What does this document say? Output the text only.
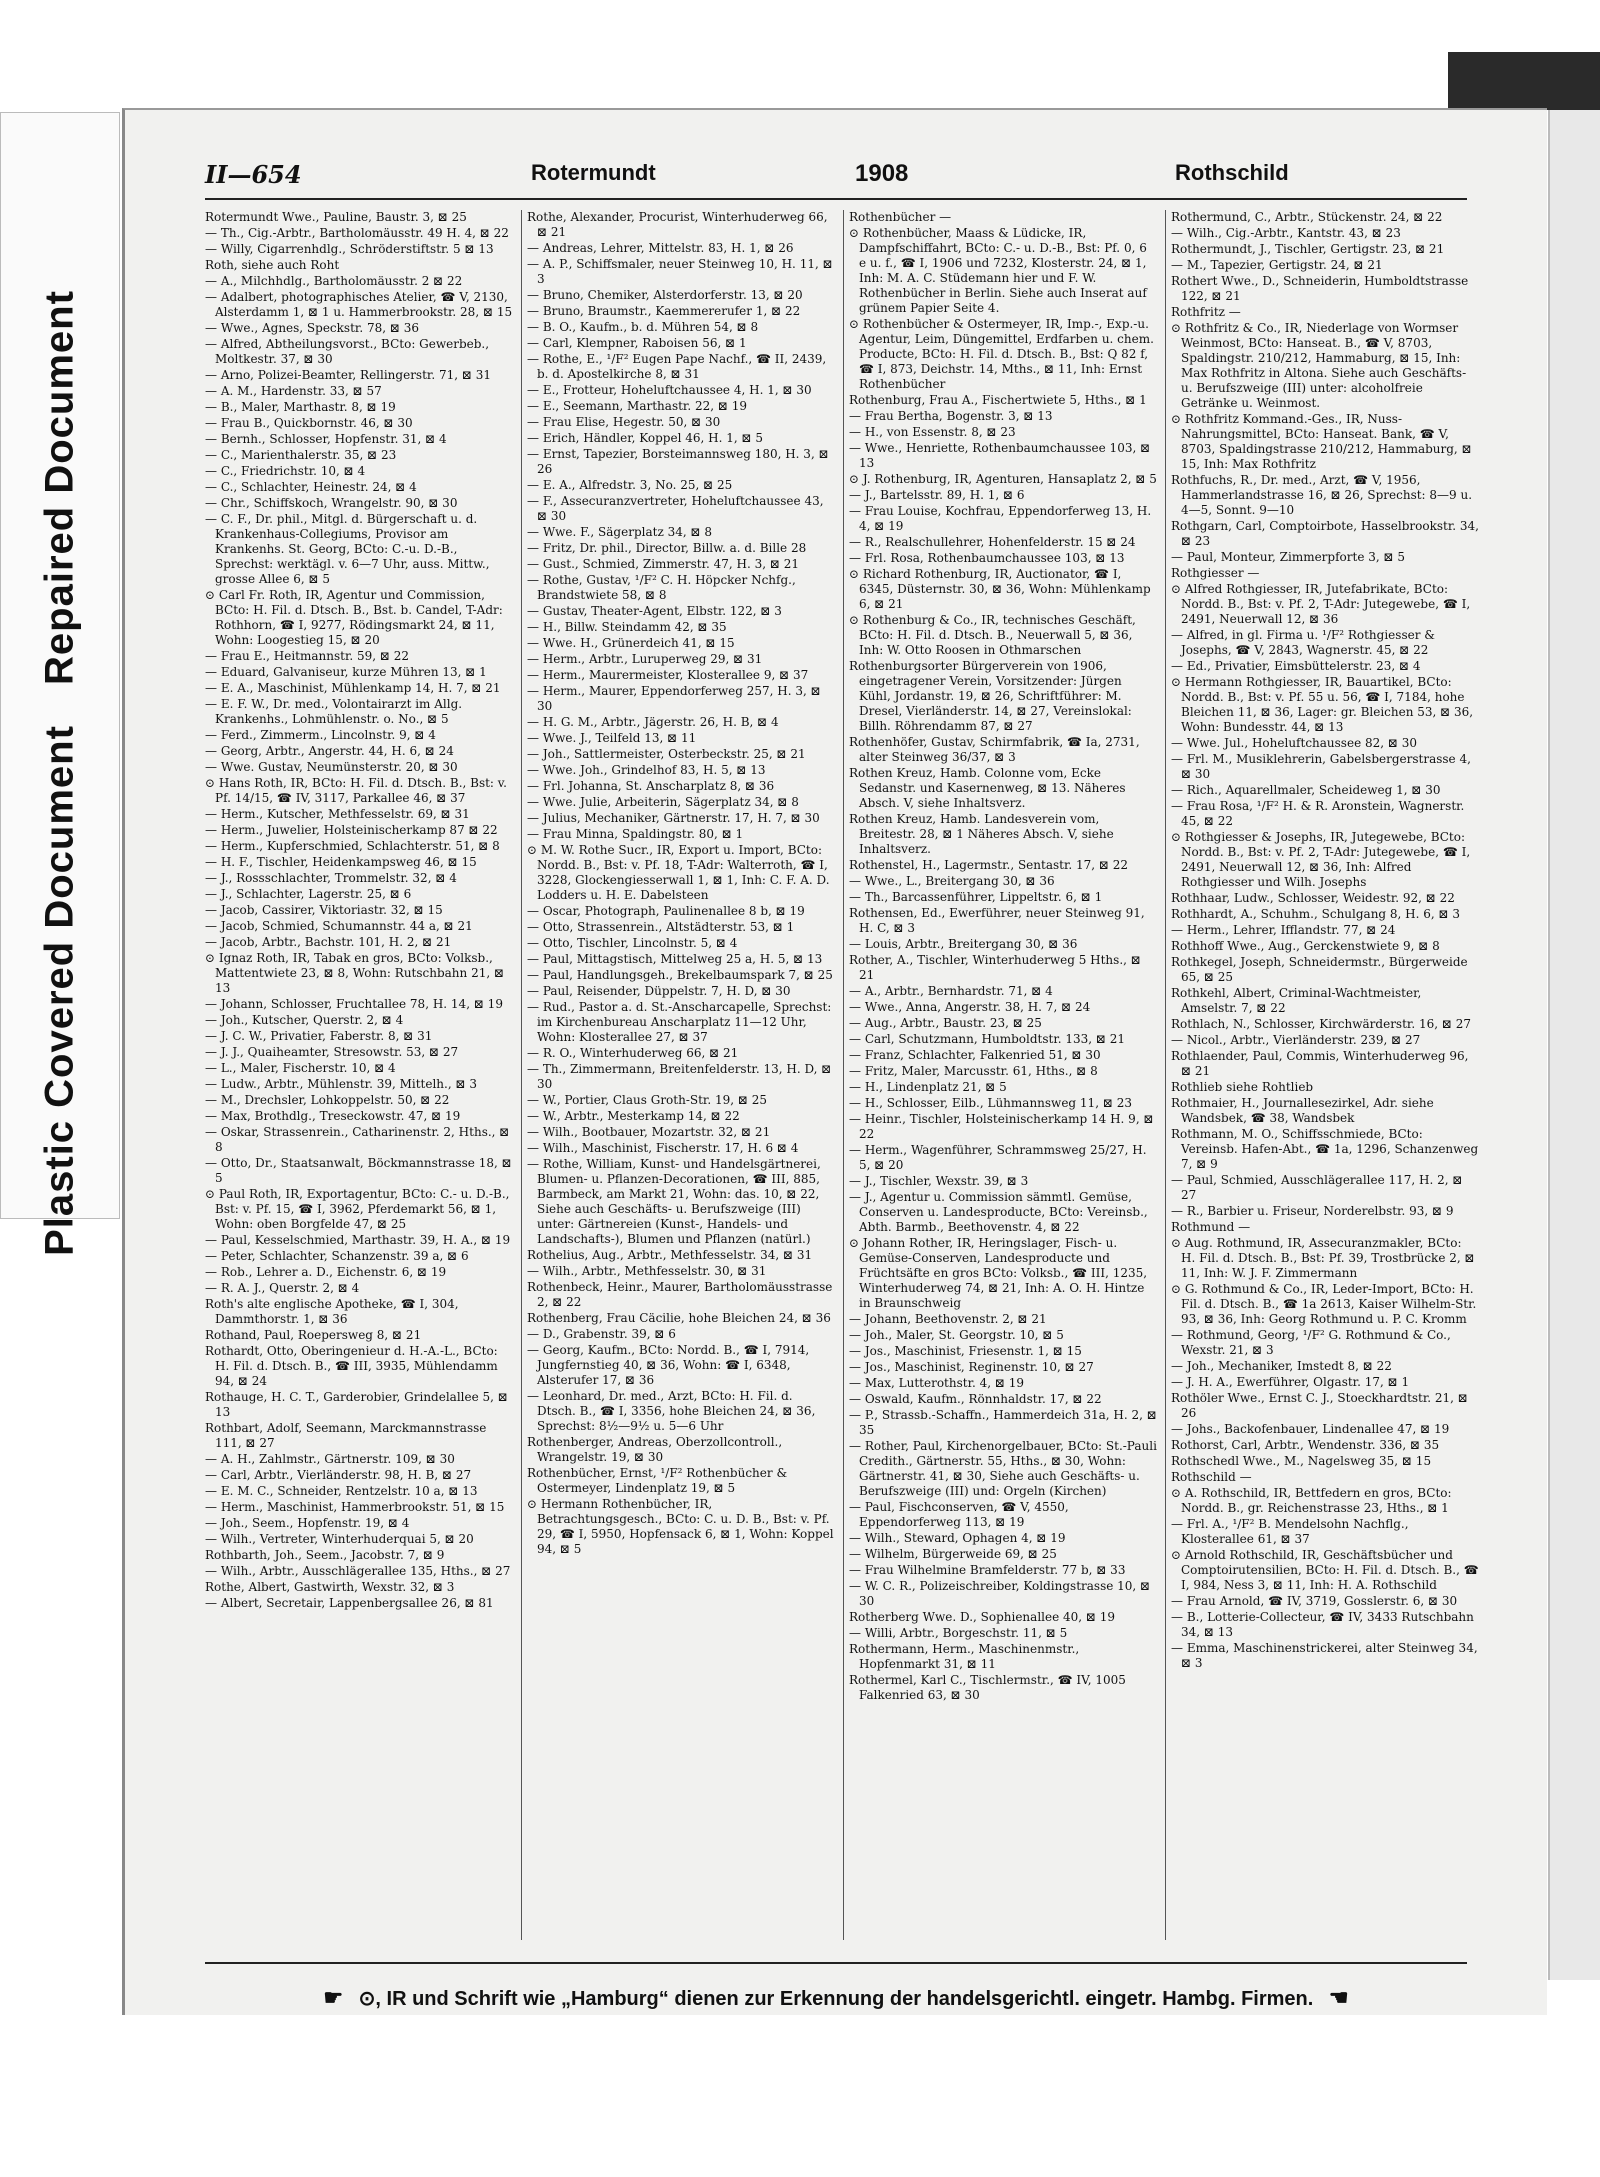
Plastic Covered Document Repaired Document
II—654	Rotermundt	1908	Rothschild
Rotermundt Wwe., Pauline, Baustr. 3, ⊠ 25
— Th., Cig.-Arbtr., Bartholomäusstr. 49 H. 4, ⊠ 22
— Willy, Cigarrenhdlg., Schröderstiftstr. 5 ⊠ 13
Roth, siehe auch Roht
— A., Milchhdlg., Bartholomäusstr. 2 ⊠ 22
— Adalbert, photographisches Atelier, ☎ V, 2130, Alsterdamm 1, ⊠ 1 u. Hammerbrookstr. 28, ⊠ 15
— Wwe., Agnes, Speckstr. 78, ⊠ 36
— Alfred, Abtheilungsvorst., BCto: Gewerbeb., Moltkestr. 37, ⊠ 30
— Arno, Polizei-Beamter, Rellingerstr. 71, ⊠ 31
— A. M., Hardenstr. 33, ⊠ 57
— B., Maler, Marthastr. 8, ⊠ 19
— Frau B., Quickbornstr. 46, ⊠ 30
— Bernh., Schlosser, Hopfenstr. 31, ⊠ 4
— C., Marienthalerstr. 35, ⊠ 23
— C., Friedrichstr. 10, ⊠ 4
— C., Schlachter, Heinestr. 24, ⊠ 4
— Chr., Schiffskoch, Wrangelstr. 90, ⊠ 30
— C. F., Dr. phil., Mitgl. d. Bürgerschaft u. d. Krankenhaus-Collegiums, Provisor am Krankenhs. St. Georg, BCto: C.-u. D.-B., Sprechst: werktägl. v. 6—7 Uhr, auss. Mittw., grosse Allee 6, ⊠ 5
⊙ Carl Fr. Roth, IR, Agentur und Commission, BCto: H. Fil. d. Dtsch. B., Bst. b. Candel, T-Adr: Rothhorn, ☎ I, 9277, Rödingsmarkt 24, ⊠ 11, Wohn: Loogestieg 15, ⊠ 20
— Frau E., Heitmannstr. 59, ⊠ 22
— Eduard, Galvaniseur, kurze Mühren 13, ⊠ 1
— E. A., Maschinist, Mühlenkamp 14, H. 7, ⊠ 21
— E. F. W., Dr. med., Volontairarzt im Allg. Krankenhs., Lohmühlenstr. o. No., ⊠ 5
— Ferd., Zimmerm., Lincolnstr. 9, ⊠ 4
— Georg, Arbtr., Angerstr. 44, H. 6, ⊠ 24
— Wwe. Gustav, Neumünsterstr. 20, ⊠ 30
⊙ Hans Roth, IR, BCto: H. Fil. d. Dtsch. B., Bst: v. Pf. 14/15, ☎ IV, 3117, Parkallee 46, ⊠ 37
— Herm., Kutscher, Methfesselstr. 69, ⊠ 31
— Herm., Juwelier, Holsteinischerkamp 87 ⊠ 22
— Herm., Kupferschmied, Schlachterstr. 51, ⊠ 8
— H. F., Tischler, Heidenkampsweg 46, ⊠ 15
— J., Rossschlachter, Trommelstr. 32, ⊠ 4
— J., Schlachter, Lagerstr. 25, ⊠ 6
— Jacob, Cassirer, Viktoriastr. 32, ⊠ 15
— Jacob, Schmied, Schumannstr. 44 a, ⊠ 21
— Jacob, Arbtr., Bachstr. 101, H. 2, ⊠ 21
⊙ Ignaz Roth, IR, Tabak en gros, BCto: Volksb., Mattentwiete 23, ⊠ 8, Wohn: Rutschbahn 21, ⊠ 13
— Johann, Schlosser, Fruchtallee 78, H. 14, ⊠ 19
— Joh., Kutscher, Querstr. 2, ⊠ 4
— J. C. W., Privatier, Faberstr. 8, ⊠ 31
— J. J., Quaiheamter, Stresowstr. 53, ⊠ 27
— L., Maler, Fischerstr. 10, ⊠ 4
— Ludw., Arbtr., Mühlenstr. 39, Mittelh., ⊠ 3
— M., Drechsler, Lohkoppelstr. 50, ⊠ 22
— Max, Brothdlg., Treseckowstr. 47, ⊠ 19
— Oskar, Strassenrein., Catharinenstr. 2, Hths., ⊠ 8
— Otto, Dr., Staatsanwalt, Böckmannstrasse 18, ⊠ 5
⊙ Paul Roth, IR, Exportagentur, BCto: C.- u. D.-B., Bst: v. Pf. 15, ☎ I, 3962, Pferdemarkt 56, ⊠ 1, Wohn: oben Borgfelde 47, ⊠ 25
— Paul, Kesselschmied, Marthastr. 39, H. A., ⊠ 19
— Peter, Schlachter, Schanzenstr. 39 a, ⊠ 6
— Rob., Lehrer a. D., Eichenstr. 6, ⊠ 19
— R. A. J., Querstr. 2, ⊠ 4
Roth's alte englische Apotheke, ☎ I, 304, Dammthorstr. 1, ⊠ 36
Rothand, Paul, Roepersweg 8, ⊠ 21
Rothardt, Otto, Oberingenieur d. H.-A.-L., BCto: H. Fil. d. Dtsch. B., ☎ III, 3935, Mühlendamm 94, ⊠ 24
Rothauge, H. C. T., Garderobier, Grindelallee 5, ⊠ 13
Rothbart, Adolf, Seemann, Marckmannstrasse 111, ⊠ 27
— A. H., Zahlmstr., Gärtnerstr. 109, ⊠ 30
— Carl, Arbtr., Vierländerstr. 98, H. B, ⊠ 27
— E. M. C., Schneider, Rentzelstr. 10 a, ⊠ 13
— Herm., Maschinist, Hammerbrookstr. 51, ⊠ 15
— Joh., Seem., Hopfenstr. 19, ⊠ 4
— Wilh., Vertreter, Winterhuderquai 5, ⊠ 20
Rothbarth, Joh., Seem., Jacobstr. 7, ⊠ 9
— Wilh., Arbtr., Ausschlägerallee 135, Hths., ⊠ 27
Rothe, Albert, Gastwirth, Wexstr. 32, ⊠ 3
— Albert, Secretair, Lappenbergsallee 26, ⊠ 81
Rothe, Alexander, Procurist, Winterhuderweg 66, ⊠ 21
— Andreas, Lehrer, Mittelstr. 83, H. 1, ⊠ 26
— A. P., Schiffsmaler, neuer Steinweg 10, H. 11, ⊠ 3
— Bruno, Chemiker, Alsterdorferstr. 13, ⊠ 20
— Bruno, Braumstr., Kaemmererufer 1, ⊠ 22
— B. O., Kaufm., b. d. Mühren 54, ⊠ 8
— Carl, Klempner, Raboisen 56, ⊠ 1
— Rothe, E., ¹/F² Eugen Pape Nachf., ☎ II, 2439, b. d. Apostelkirche 8, ⊠ 31
— E., Frotteur, Hoheluftchaussee 4, H. 1, ⊠ 30
— E., Seemann, Marthastr. 22, ⊠ 19
— Frau Elise, Hegestr. 50, ⊠ 30
— Erich, Händler, Koppel 46, H. 1, ⊠ 5
— Ernst, Tapezier, Borsteimannsweg 180, H. 3, ⊠ 26
— E. A., Alfredstr. 3, No. 25, ⊠ 25
— F., Assecuranzvertreter, Hoheluftchaussee 43, ⊠ 30
— Wwe. F., Sägerplatz 34, ⊠ 8
— Fritz, Dr. phil., Director, Billw. a. d. Bille 28
— Gust., Schmied, Zimmerstr. 47, H. 3, ⊠ 21
— Rothe, Gustav, ¹/F² C. H. Höpcker Nchfg., Brandstwiete 58, ⊠ 8
— Gustav, Theater-Agent, Elbstr. 122, ⊠ 3
— H., Billw. Steindamm 42, ⊠ 35
— Wwe. H., Grünerdeich 41, ⊠ 15
— Herm., Arbtr., Luruperweg 29, ⊠ 31
— Herm., Maurermeister, Klosterallee 9, ⊠ 37
— Herm., Maurer, Eppendorferweg 257, H. 3, ⊠ 30
— H. G. M., Arbtr., Jägerstr. 26, H. B, ⊠ 4
— Wwe. J., Teilfeld 13, ⊠ 11
— Joh., Sattlermeister, Osterbeckstr. 25, ⊠ 21
— Wwe. Joh., Grindelhof 83, H. 5, ⊠ 13
— Frl. Johanna, St. Anscharplatz 8, ⊠ 36
— Wwe. Julie, Arbeiterin, Sägerplatz 34, ⊠ 8
— Julius, Mechaniker, Gärtnerstr. 17, H. 7, ⊠ 30
— Frau Minna, Spaldingstr. 80, ⊠ 1
⊙ M. W. Rothe Sucr., IR, Export u. Import, BCto: Nordd. B., Bst: v. Pf. 18, T-Adr: Walterroth, ☎ I, 3228, Glockengiesserwall 1, ⊠ 1, Inh: C. F. A. D. Lodders u. H. E. Dabelsteen
— Oscar, Photograph, Paulinenallee 8 b, ⊠ 19
— Otto, Strassenrein., Altstädterstr. 53, ⊠ 1
— Otto, Tischler, Lincolnstr. 5, ⊠ 4
— Paul, Mittagstisch, Mittelweg 25 a, H. 5, ⊠ 13
— Paul, Handlungsgeh., Brekelbaumspark 7, ⊠ 25
— Paul, Reisender, Düppelstr. 7, H. D, ⊠ 30
— Rud., Pastor a. d. St.-Anscharcapelle, Sprechst: im Kirchenbureau Anscharplatz 11—12 Uhr, Wohn: Klosterallee 27, ⊠ 37
— R. O., Winterhuderweg 66, ⊠ 21
— Th., Zimmermann, Breitenfelderstr. 13, H. D, ⊠ 30
— W., Portier, Claus Groth-Str. 19, ⊠ 25
— W., Arbtr., Mesterkamp 14, ⊠ 22
— Wilh., Bootbauer, Mozartstr. 32, ⊠ 21
— Wilh., Maschinist, Fischerstr. 17, H. 6 ⊠ 4
— Rothe, William, Kunst- und Handelsgärtnerei, Blumen- u. Pflanzen-Decorationen, ☎ III, 885, Barmbeck, am Markt 21, Wohn: das. 10, ⊠ 22, Siehe auch Geschäfts- u. Berufszweige (III) unter: Gärtnereien (Kunst-, Handels- und Landschafts-), Blumen und Pflanzen (natürl.)
Rothelius, Aug., Arbtr., Methfesselstr. 34, ⊠ 31
— Wilh., Arbtr., Methfesselstr. 30, ⊠ 31
Rothenbeck, Heinr., Maurer, Bartholomäusstrasse 2, ⊠ 22
Rothenberg, Frau Cäcilie, hohe Bleichen 24, ⊠ 36
— D., Grabenstr. 39, ⊠ 6
— Georg, Kaufm., BCto: Nordd. B., ☎ I, 7914, Jungfernstieg 40, ⊠ 36, Wohn: ☎ I, 6348, Alsterufer 17, ⊠ 36
— Leonhard, Dr. med., Arzt, BCto: H. Fil. d. Dtsch. B., ☎ I, 3356, hohe Bleichen 24, ⊠ 36, Sprechst: 8½—9½ u. 5—6 Uhr
Rothenberger, Andreas, Oberzollcontroll., Wrangelstr. 19, ⊠ 30
Rothenbücher, Ernst, ¹/F² Rothenbücher & Ostermeyer, Lindenplatz 19, ⊠ 5
⊙ Hermann Rothenbücher, IR, Betrachtungsgesch., BCto: C. u. D. B., Bst: v. Pf. 29, ☎ I, 5950, Hopfensack 6, ⊠ 1, Wohn: Koppel 94, ⊠ 5
Rothenbücher —
⊙ Rothenbücher, Maass & Lüdicke, IR, Dampfschiffahrt, BCto: C.- u. D.-B., Bst: Pf. 0, 6 e u. f., ☎ I, 1906 und 7232, Klosterstr. 24, ⊠ 1, Inh: M. A. C. Stüdemann hier und F. W. Rothenbücher in Berlin. Siehe auch Inserat auf grünem Papier Seite 4.
⊙ Rothenbücher & Ostermeyer, IR, Imp.-, Exp.-u. Agentur, Leim, Düngemittel, Erdfarben u. chem. Producte, BCto: H. Fil. d. Dtsch. B., Bst: Q 82 f, ☎ I, 873, Deichstr. 14, Mths., ⊠ 11, Inh: Ernst Rothenbücher
Rothenburg, Frau A., Fischertwiete 5, Hths., ⊠ 1
— Frau Bertha, Bogenstr. 3, ⊠ 13
— H., von Essenstr. 8, ⊠ 23
— Wwe., Henriette, Rothenbaumchaussee 103, ⊠ 13
⊙ J. Rothenburg, IR, Agenturen, Hansaplatz 2, ⊠ 5
— J., Bartelsstr. 89, H. 1, ⊠ 6
— Frau Louise, Kochfrau, Eppendorferweg 13, H. 4, ⊠ 19
— R., Realschullehrer, Hohenfelderstr. 15 ⊠ 24
— Frl. Rosa, Rothenbaumchaussee 103, ⊠ 13
⊙ Richard Rothenburg, IR, Auctionator, ☎ I, 6345, Düsternstr. 30, ⊠ 36, Wohn: Mühlenkamp 6, ⊠ 21
⊙ Rothenburg & Co., IR, technisches Geschäft, BCto: H. Fil. d. Dtsch. B., Neuerwall 5, ⊠ 36, Inh: W. Otto Roosen in Othmarschen
Rothenburgsorter Bürgerverein von 1906, eingetragener Verein, Vorsitzender: Jürgen Kühl, Jordanstr. 19, ⊠ 26, Schriftführer: M. Dresel, Vierländerstr. 14, ⊠ 27, Vereinslokal: Billh. Röhrendamm 87, ⊠ 27
Rothenhöfer, Gustav, Schirmfabrik, ☎ Ia, 2731, alter Steinweg 36/37, ⊠ 3
Rothen Kreuz, Hamb. Colonne vom, Ecke Sedanstr. und Kasernenweg, ⊠ 13. Näheres Absch. V, siehe Inhaltsverz.
Rothen Kreuz, Hamb. Landesverein vom, Breitestr. 28, ⊠ 1 Näheres Absch. V, siehe Inhaltsverz.
Rothenstel, H., Lagermstr., Sentastr. 17, ⊠ 22
— Wwe., L., Breitergang 30, ⊠ 36
— Th., Barcassenführer, Lippeltstr. 6, ⊠ 1
Rothensen, Ed., Ewerführer, neuer Steinweg 91, H. C, ⊠ 3
— Louis, Arbtr., Breitergang 30, ⊠ 36
Rother, A., Tischler, Winterhuderweg 5 Hths., ⊠ 21
— A., Arbtr., Bernhardstr. 71, ⊠ 4
— Wwe., Anna, Angerstr. 38, H. 7, ⊠ 24
— Aug., Arbtr., Baustr. 23, ⊠ 25
— Carl, Schutzmann, Humboldtstr. 133, ⊠ 21
— Franz, Schlachter, Falkenried 51, ⊠ 30
— Fritz, Maler, Marcusstr. 61, Hths., ⊠ 8
— H., Lindenplatz 21, ⊠ 5
— H., Schlosser, Eilb., Lühmannsweg 11, ⊠ 23
— Heinr., Tischler, Holsteinischerkamp 14 H. 9, ⊠ 22
— Herm., Wagenführer, Schrammsweg 25/27, H. 5, ⊠ 20
— J., Tischler, Wexstr. 39, ⊠ 3
— J., Agentur u. Commission sämmtl. Gemüse, Conserven u. Landesproducte, BCto: Vereinsb., Abth. Barmb., Beethovenstr. 4, ⊠ 22
⊙ Johann Rother, IR, Heringslager, Fisch- u. Gemüse-Conserven, Landesproducte und Früchtsäfte en gros BCto: Volksb., ☎ III, 1235, Winterhuderweg 74, ⊠ 21, Inh: A. O. H. Hintze in Braunschweig
— Johann, Beethovenstr. 2, ⊠ 21
— Joh., Maler, St. Georgstr. 10, ⊠ 5
— Jos., Maschinist, Friesenstr. 1, ⊠ 15
— Jos., Maschinist, Reginenstr. 10, ⊠ 27
— Max, Lutterothstr. 4, ⊠ 19
— Oswald, Kaufm., Rönnhaldstr. 17, ⊠ 22
— P., Strassb.-Schaffn., Hammerdeich 31a, H. 2, ⊠ 35
— Rother, Paul, Kirchenorgelbauer, BCto: St.-Pauli Credith., Gärtnerstr. 55, Hths., ⊠ 30, Wohn: Gärtnerstr. 41, ⊠ 30, Siehe auch Geschäfts- u. Berufszweige (III) und: Orgeln (Kirchen)
— Paul, Fischconserven, ☎ V, 4550, Eppendorferweg 113, ⊠ 19
— Wilh., Steward, Ophagen 4, ⊠ 19
— Wilhelm, Bürgerweide 69, ⊠ 25
— Frau Wilhelmine Bramfelderstr. 77 b, ⊠ 33
— W. C. R., Polizeischreiber, Koldingstrasse 10, ⊠ 30
Rotherberg Wwe. D., Sophienallee 40, ⊠ 19
— Willi, Arbtr., Borgeschstr. 11, ⊠ 5
Rothermann, Herm., Maschinenmstr., Hopfenmarkt 31, ⊠ 11
Rothermel, Karl C., Tischlermstr., ☎ IV, 1005 Falkenried 63, ⊠ 30
Rothermund, C., Arbtr., Stückenstr. 24, ⊠ 22
— Wilh., Cig.-Arbtr., Kantstr. 43, ⊠ 23
Rothermundt, J., Tischler, Gertigstr. 23, ⊠ 21
— M., Tapezier, Gertigstr. 24, ⊠ 21
Rothert Wwe., D., Schneiderin, Humboldtstrasse 122, ⊠ 21
Rothfritz —
⊙ Rothfritz & Co., IR, Niederlage von Wormser Weinmost, BCto: Hanseat. B., ☎ V, 8703, Spaldingstr. 210/212, Hammaburg, ⊠ 15, Inh: Max Rothfritz in Altona. Siehe auch Geschäfts- u. Berufszweige (III) unter: alcoholfreie Getränke u. Weinmost.
⊙ Rothfritz Kommand.-Ges., IR, Nuss-Nahrungsmittel, BCto: Hanseat. Bank, ☎ V, 8703, Spaldingstrasse 210/212, Hammaburg, ⊠ 15, Inh: Max Rothfritz
Rothfuchs, R., Dr. med., Arzt, ☎ V, 1956, Hammerlandstrasse 16, ⊠ 26, Sprechst: 8—9 u. 4—5, Sonnt. 9—10
Rothgarn, Carl, Comptoirbote, Hasselbrookstr. 34, ⊠ 23
— Paul, Monteur, Zimmerpforte 3, ⊠ 5
Rothgiesser —
⊙ Alfred Rothgiesser, IR, Jutefabrikate, BCto: Nordd. B., Bst: v. Pf. 2, T-Adr: Jutegewebe, ☎ I, 2491, Neuerwall 12, ⊠ 36
— Alfred, in gl. Firma u. ¹/F² Rothgiesser & Josephs, ☎ V, 2843, Wagnerstr. 45, ⊠ 22
— Ed., Privatier, Eimsbüttelerstr. 23, ⊠ 4
⊙ Hermann Rothgiesser, IR, Bauartikel, BCto: Nordd. B., Bst: v. Pf. 55 u. 56, ☎ I, 7184, hohe Bleichen 11, ⊠ 36, Lager: gr. Bleichen 53, ⊠ 36, Wohn: Bundesstr. 44, ⊠ 13
— Wwe. Jul., Hoheluftchaussee 82, ⊠ 30
— Frl. M., Musiklehrerin, Gabelsbergerstrasse 4, ⊠ 30
— Rich., Aquarellmaler, Scheideweg 1, ⊠ 30
— Frau Rosa, ¹/F² H. & R. Aronstein, Wagnerstr. 45, ⊠ 22
⊙ Rothgiesser & Josephs, IR, Jutegewebe, BCto: Nordd. B., Bst: v. Pf. 2, T-Adr: Jutegewebe, ☎ I, 2491, Neuerwall 12, ⊠ 36, Inh: Alfred Rothgiesser und Wilh. Josephs
Rothhaar, Ludw., Schlosser, Weidestr. 92, ⊠ 22
Rothhardt, A., Schuhm., Schulgang 8, H. 6, ⊠ 3
— Herm., Lehrer, Ifflandstr. 77, ⊠ 24
Rothhoff Wwe., Aug., Gerckenstwiete 9, ⊠ 8
Rothkegel, Joseph, Schneidermstr., Bürgerweide 65, ⊠ 25
Rothkehl, Albert, Criminal-Wachtmeister, Amselstr. 7, ⊠ 22
Rothlach, N., Schlosser, Kirchwärderstr. 16, ⊠ 27
— Nicol., Arbtr., Vierländerstr. 239, ⊠ 27
Rothlaender, Paul, Commis, Winterhuderweg 96, ⊠ 21
Rothlieb siehe Rohtlieb
Rothmaier, H., Journallesezirkel, Adr. siehe Wandsbek, ☎ 38, Wandsbek
Rothmann, M. O., Schiffsschmiede, BCto: Vereinsb. Hafen-Abt., ☎ 1a, 1296, Schanzenweg 7, ⊠ 9
— Paul, Schmied, Ausschlägerallee 117, H. 2, ⊠ 27
— R., Barbier u. Friseur, Norderelbstr. 93, ⊠ 9
Rothmund —
⊙ Aug. Rothmund, IR, Assecuranzmakler, BCto: H. Fil. d. Dtsch. B., Bst: Pf. 39, Trostbrücke 2, ⊠ 11, Inh: W. J. F. Zimmermann
⊙ G. Rothmund & Co., IR, Leder-Import, BCto: H. Fil. d. Dtsch. B., ☎ 1a 2613, Kaiser Wilhelm-Str. 93, ⊠ 36, Inh: Georg Rothmund u. P. C. Kromm
— Rothmund, Georg, ¹/F² G. Rothmund & Co., Wexstr. 21, ⊠ 3
— Joh., Mechaniker, Imstedt 8, ⊠ 22
— J. H. A., Ewerführer, Olgastr. 17, ⊠ 1
Rothöler Wwe., Ernst C. J., Stoeckhardtstr. 21, ⊠ 26
— Johs., Backofenbauer, Lindenallee 47, ⊠ 19
Rothorst, Carl, Arbtr., Wendenstr. 336, ⊠ 35
Rothschedl Wwe., M., Nagelsweg 35, ⊠ 15
Rothschild —
⊙ A. Rothschild, IR, Bettfedern en gros, BCto: Nordd. B., gr. Reichenstrasse 23, Hths., ⊠ 1
— Frl. A., ¹/F² B. Mendelsohn Nachflg., Klosterallee 61, ⊠ 37
⊙ Arnold Rothschild, IR, Geschäftsbücher und Comptoirutensilien, BCto: H. Fil. d. Dtsch. B., ☎ I, 984, Ness 3, ⊠ 11, Inh: H. A. Rothschild
— Frau Arnold, ☎ IV, 3719, Gosslerstr. 6, ⊠ 30
— B., Lotterie-Collecteur, ☎ IV, 3433 Rutschbahn 34, ⊠ 13
— Emma, Maschinenstrickerei, alter Steinweg 34, ⊠ 3
☛ ⊙, IR und Schrift wie „Hamburg“ dienen zur Erkennung der handelsgerichtl. eingetr. Hambg. Firmen. ☚
